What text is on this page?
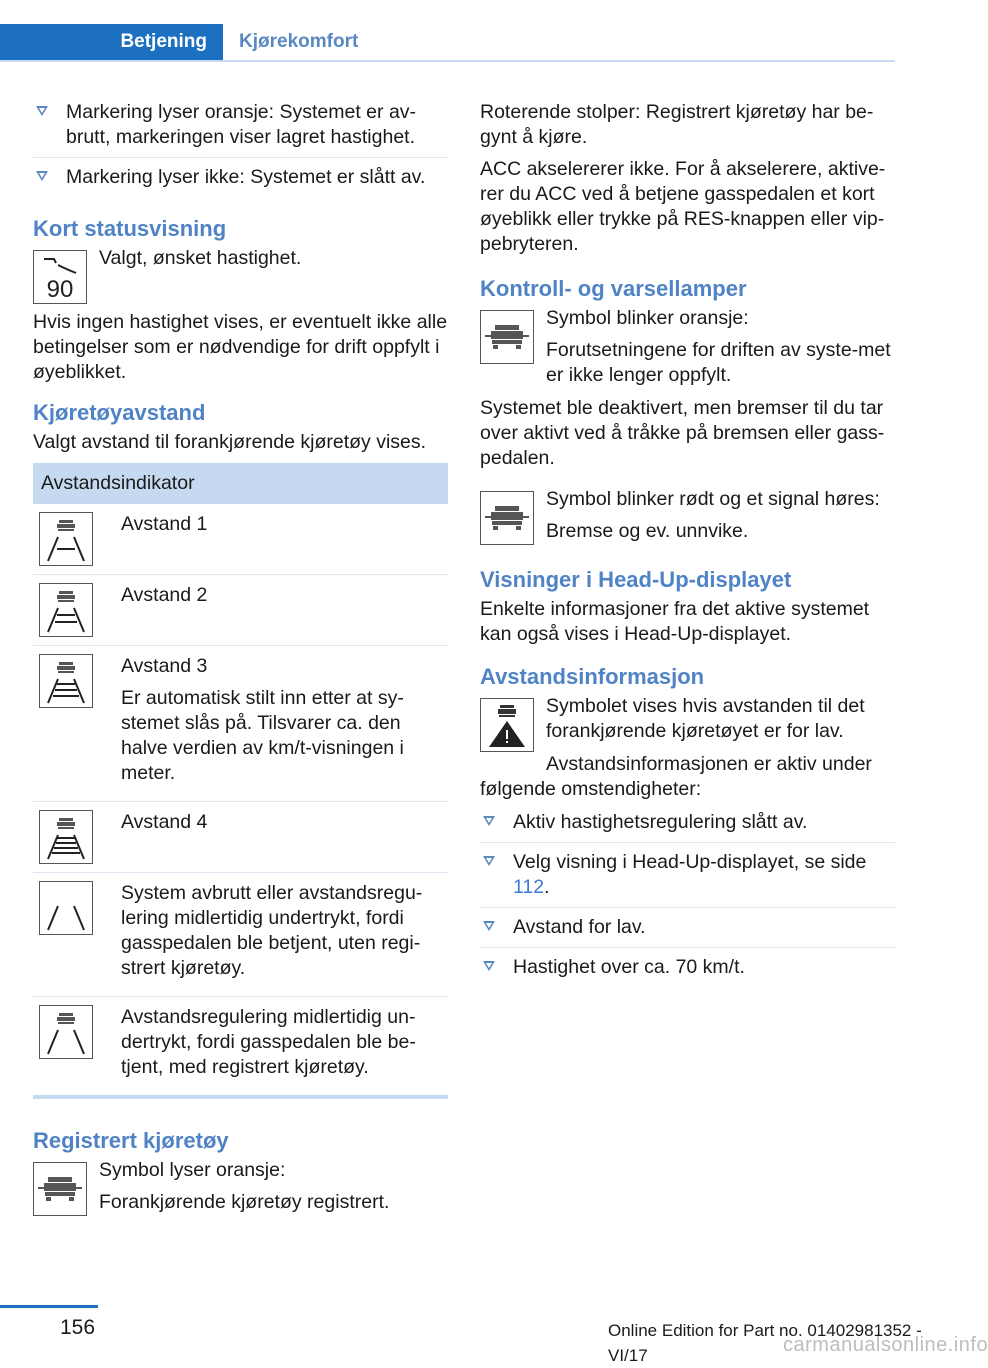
Betjening	Kjørekomfort
Markering lyser oransje: Systemet er av-brutt, markeringen viser lagret hastighet.
Markering lyser ikke: Systemet er slått av.
Kort statusvisning
90

Valgt, ønsket hastighet.

Hvis ingen hastighet vises, er eventuelt ikke alle betingelser som er nødvendige for drift oppfylt i øyeblikket.

Kjøretøyavstand

Valgt avstand til forankjørende kjøretøy vises.

Avstandsindikator	

Avstand 1

Avstand 2

Avstand 3

Er automatisk stilt inn etter at sy-stemet slås på. Tilsvarer ca. den halve verdien av km/t-visningen i meter.

Avstand 4

System avbrutt eller avstandsregu-lering midlertidig undertrykt, fordi gasspedalen ble betjent, uten regi-strert kjøretøy.

Avstandsregulering midlertidig un-dertrykt, fordi gasspedalen ble be-tjent, med registrert kjøretøy.

Registrert kjøretøy

Symbol lyser oransje:

Forankjørende kjøretøy registrert.

Roterende stolper: Registrert kjøretøy har be-gynt å kjøre.

ACC akselererer ikke. For å akselerere, aktive-rer du ACC ved å betjene gasspedalen et kort øyeblikk eller trykke på RES-knappen eller vip-pebryteren.

Kontroll- og varsellamper

Symbol blinker oransje:

Forutsetningene for driften av syste-met er ikke lenger oppfylt.

Systemet ble deaktivert, men bremser til du tar over aktivt ved å tråkke på bremsen eller gass-pedalen.

Symbol blinker rødt og et signal høres:

Bremse og ev. unnvike.

Visninger i Head-Up-displayet

Enkelte informasjoner fra det aktive systemet kan også vises i Head-Up-displayet.

Avstandsinformasjon

Symbolet vises hvis avstanden til det forankjørende kjøretøyet er for lav.

Avstandsinformasjonen er aktiv under følgende omstendigheter:

Aktiv hastighetsregulering slått av.
Velg visning i Head-Up-displayet, se side 112.
Avstand for lav.
Hastighet over ca. 70 km/t.
156	Online Edition for Part no. 01402981352 - VI/17	carmanualsonline.info
